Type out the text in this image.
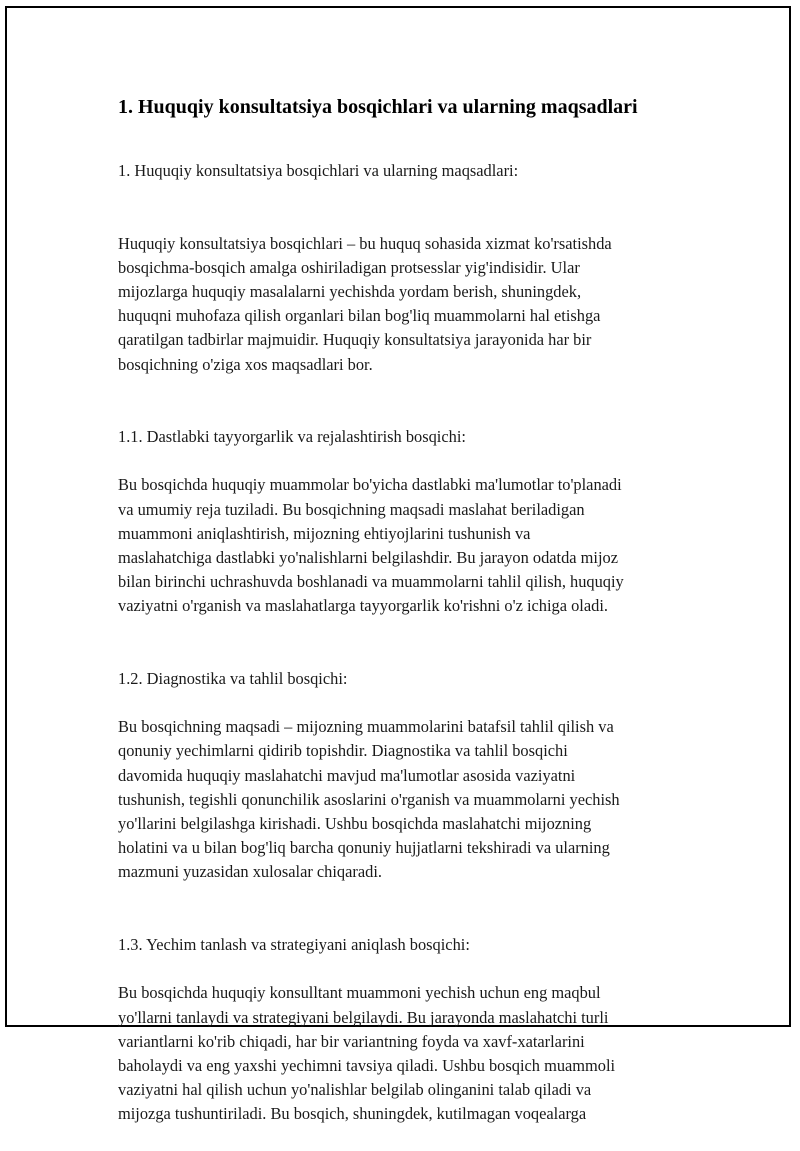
1. Huquqiy konsultatsiya bosqichlari va ularning maqsadlari

1. Huquqiy konsultatsiya bosqichlari va ularning maqsadlari:

Huquqiy konsultatsiya bosqichlari – bu huquq sohasida xizmat ko'rsatishda
bosqichma-bosqich amalga oshiriladigan protsesslar yig'indisidir. Ular
mijozlarga huquqiy masalalarni yechishda yordam berish, shuningdek,
huquqni muhofaza qilish organlari bilan bog'liq muammolarni hal etishga
qaratilgan tadbirlar majmuidir. Huquqiy konsultatsiya jarayonida har bir
bosqichning o'ziga xos maqsadlari bor.

1.1. Dastlabki tayyorgarlik va rejalashtirish bosqichi:

Bu bosqichda huquqiy muammolar bo'yicha dastlabki ma'lumotlar to'planadi
va umumiy reja tuziladi. Bu bosqichning maqsadi maslahat beriladigan
muammoni aniqlashtirish, mijozning ehtiyojlarini tushunish va
maslahatchiga dastlabki yo'nalishlarni belgilashdir. Bu jarayon odatda mijoz
bilan birinchi uchrashuvda boshlanadi va muammolarni tahlil qilish, huquqiy
vaziyatni o'rganish va maslahatlarga tayyorgarlik ko'rishni o'z ichiga oladi.

1.2. Diagnostika va tahlil bosqichi:

Bu bosqichning maqsadi – mijozning muammolarini batafsil tahlil qilish va
qonuniy yechimlarni qidirib topishdir. Diagnostika va tahlil bosqichi
davomida huquqiy maslahatchi mavjud ma'lumotlar asosida vaziyatni
tushunish, tegishli qonunchilik asoslarini o'rganish va muammolarni yechish
yo'llarini belgilashga kirishadi. Ushbu bosqichda maslahatchi mijozning
holatini va u bilan bog'liq barcha qonuniy hujjatlarni tekshiradi va ularning
mazmuni yuzasidan xulosalar chiqaradi.

1.3. Yechim tanlash va strategiyani aniqlash bosqichi:

Bu bosqichda huquqiy konsulltant muammoni yechish uchun eng maqbul
yo'llarni tanlaydi va strategiyani belgilaydi. Bu jarayonda maslahatchi turli
variantlarni ko'rib chiqadi, har bir variantning foyda va xavf-xatarlarini
baholaydi va eng yaxshi yechimni tavsiya qiladi. Ushbu bosqich muammoli
vaziyatni hal qilish uchun yo'nalishlar belgilab olinganini talab qiladi va
mijozga tushuntiriladi. Bu bosqich, shuningdek, kutilmagan voqealarga
